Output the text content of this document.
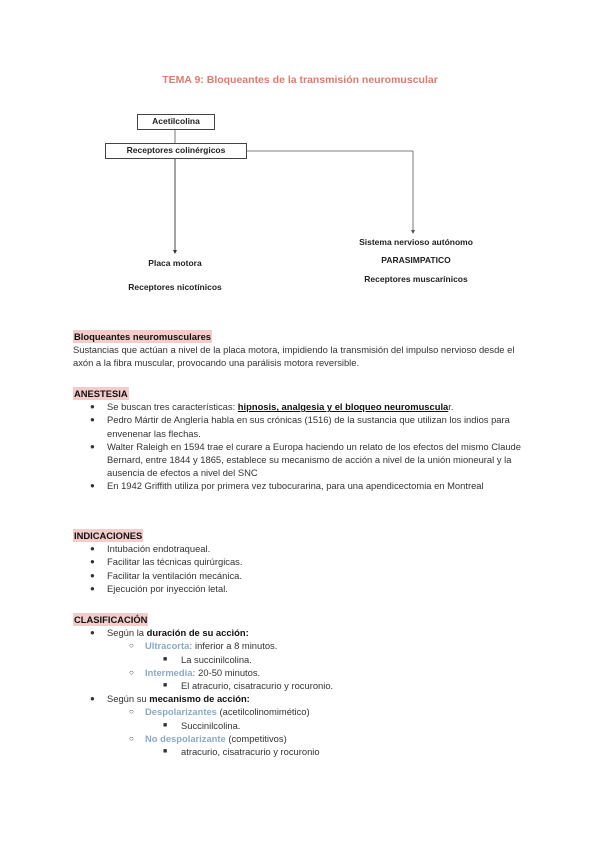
TEMA 9: Bloqueantes de la transmisión neuromuscular
Acetilcolina
Receptores colinérgicos
Placa motora
Receptores nicotínicos
Sistema nervioso autónomo
PARASIMPATICO
Receptores muscarínicos
Bloqueantes neuromusculares
Sustancias que actúan a nivel de la placa motora, impidiendo la transmisión del impulso nervioso desde el axón a la fibra muscular, provocando una parálisis motora reversible.
ANESTESIA
● Se buscan tres características: hipnosis, analgesia y el bloqueo neuromuscular.
● Pedro Mártir de Anglería habla en sus crónicas (1516) de la sustancia que utilizan los indios para envenenar las flechas.
● Walter Raleigh en 1594 trae el curare a Europa haciendo un relato de los efectos del mismo Claude Bernard, entre 1844 y 1865, establece su mecanismo de acción a nivel de la unión mioneural y la ausencia de efectos a nivel del SNC
● En 1942 Griffith utiliza por primera vez tubocurarina, para una apendicectomia en Montreal
INDICACIONES
● Intubación endotraqueal.
● Facilitar las técnicas quirúrgicas.
● Facilitar la ventilación mecánica.
● Ejecución por inyección letal.
CLASIFICACIÓN
● Según la duración de su acción:
○ Ultracorta: inferior a 8 minutos.
■ La succinilcolina.
○ Intermedia: 20-50 minutos.
■ El atracurio, cisatracurio y rocuronio.
● Según su mecanismo de acción:
○ Despolarizantes (acetilcolinomimético)
■ Succinilcolina.
○ No despolarizante (competitivos)
■ atracurio, cisatracurio y rocuronio
